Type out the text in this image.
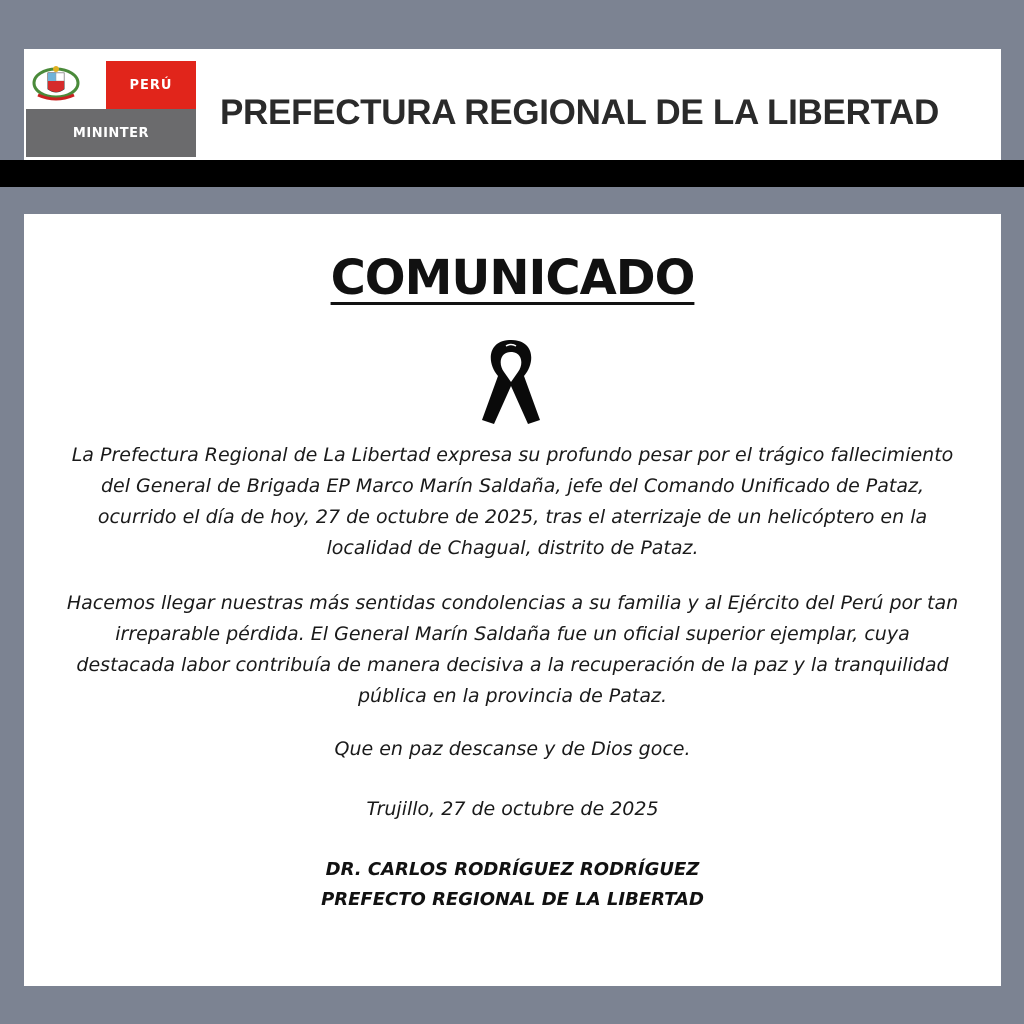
PERÚ
MININTER
PREFECTURA REGIONAL DE LA LIBERTAD
COMUNICADO
La Prefectura Regional de La Libertad expresa su profundo pesar por el trágico fallecimiento del General de Brigada EP Marco Marín Saldaña, jefe del Comando Unificado de Pataz, ocurrido el día de hoy, 27 de octubre de 2025, tras el aterrizaje de un helicóptero en la localidad de Chagual, distrito de Pataz.
Hacemos llegar nuestras más sentidas condolencias a su familia y al Ejército del Perú por tan irreparable pérdida. El General Marín Saldaña fue un oficial superior ejemplar, cuya destacada labor contribuía de manera decisiva a la recuperación de la paz y la tranquilidad pública en la provincia de Pataz.
Que en paz descanse y de Dios goce.
Trujillo, 27 de octubre de 2025
DR. CARLOS RODRÍGUEZ RODRÍGUEZ
PREFECTO REGIONAL DE LA LIBERTAD
